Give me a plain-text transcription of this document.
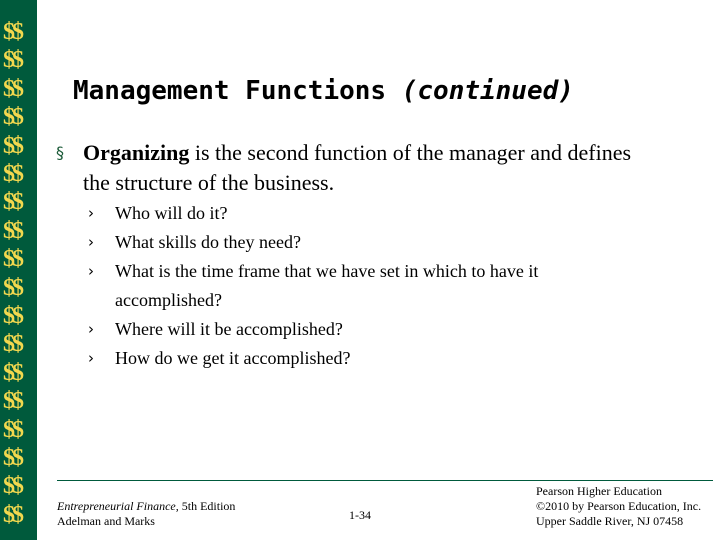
$$
$$
$$
$$
$$
$$
$$
$$
$$
$$
$$
$$
$$
$$
$$
$$
$$
$$
Management Functions (continued)
§ Organizing is the second function of the manager and defines the structure of the business.
› Who will do it?
› What skills do they need?
› What is the time frame that we have set in which to have it accomplished?
› Where will it be accomplished?
› How do we get it accomplished?
Entrepreneurial Finance, 5th Edition
Adelman and Marks	1-34
Pearson Higher Education
©2010 by Pearson Education, Inc.
Upper Saddle River, NJ 07458
